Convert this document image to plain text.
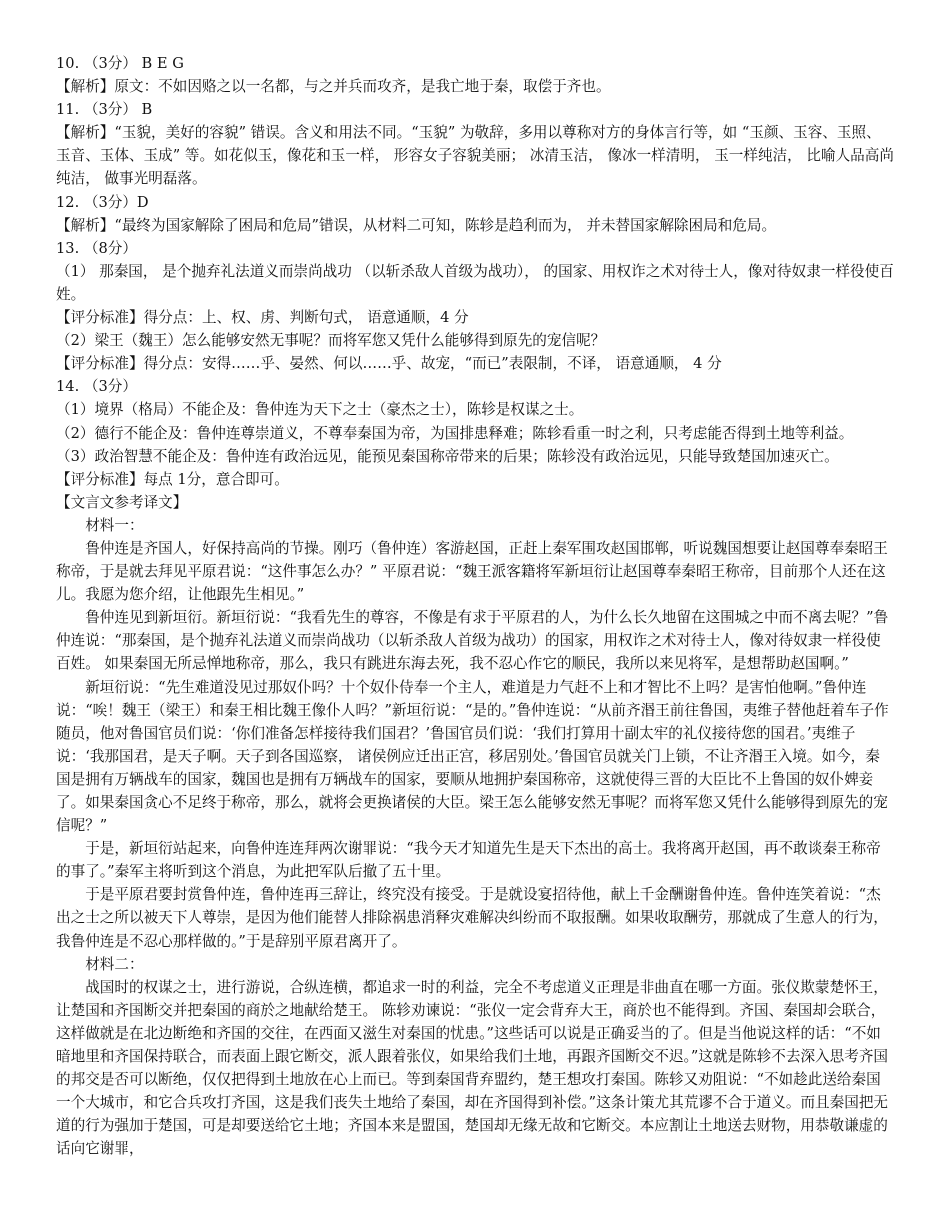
10. （3分） B E G

【解析】原文：不如因赂之以一名都，与之并兵而攻齐，是我亡地于秦，取偿于齐也。

11. （3分） B

【解析】“玉貌，美好的容貌” 错误。含义和用法不同。“玉貌” 为敬辞，多用以尊称对方的身体言行等，如 “玉颜、玉容、玉照、玉音、玉体、玉成” 等。如花似玉，像花和玉一样， 形容女子容貌美丽； 冰清玉洁， 像冰一样清明， 玉一样纯洁， 比喻人品高尚纯洁， 做事光明磊落。

12. （3分）D

【解析】“最终为国家解除了困局和危局”错误，从材料二可知，陈轸是趋利而为， 并未替国家解除困局和危局。

13. （8分）

（1） 那秦国， 是个抛弃礼法道义而崇尚战功 （以斩杀敌人首级为战功）， 的国家、用权诈之术对待士人，像对待奴隶一样役使百姓。

【评分标准】得分点：上、权、虏、判断句式， 语意通顺，4 分

（2）梁王（魏王）怎么能够安然无事呢？而将军您又凭什么能够得到原先的宠信呢？

【评分标准】得分点：安得……乎、晏然、何以……乎、故宠，“而已”表限制，不译， 语意通顺， 4 分

14. （3分）

（1）境界（格局）不能企及：鲁仲连为天下之士（豪杰之士），陈轸是权谋之士。

（2）德行不能企及：鲁仲连尊崇道义，不尊奉秦国为帝，为国排患释难；陈轸看重一时之利，只考虑能否得到土地等利益。

（3）政治智慧不能企及：鲁仲连有政治远见，能预见秦国称帝带来的后果；陈轸没有政治远见，只能导致楚国加速灭亡。

【评分标准】每点 1分，意合即可。

【文言文参考译文】

材料一：

鲁仲连是齐国人，好保持高尚的节操。刚巧（鲁仲连）客游赵国，正赶上秦军围攻赵国邯郸，听说魏国想要让赵国尊奉秦昭王称帝，于是就去拜见平原君说：“这件事怎么办？” 平原君说：“魏王派客籍将军新垣衍让赵国尊奉秦昭王称帝，目前那个人还在这儿。我愿为您介绍，让他跟先生相见。”

鲁仲连见到新垣衍。新垣衍说：“我看先生的尊容，不像是有求于平原君的人，为什么长久地留在这围城之中而不离去呢？”鲁仲连说：“那秦国，是个抛弃礼法道义而崇尚战功（以斩杀敌人首级为战功）的国家，用权诈之术对待士人，像对待奴隶一样役使百姓。 如果秦国无所忌惮地称帝，那么，我只有跳进东海去死，我不忍心作它的顺民，我所以来见将军，是想帮助赵国啊。”

新垣衍说：“先生难道没见过那奴仆吗？十个奴仆侍奉一个主人，难道是力气赶不上和才智比不上吗？是害怕他啊。”鲁仲连说：“唉！魏王（梁王）和秦王相比魏王像仆人吗？”新垣衍说：“是的。”鲁仲连说：“从前齐湣王前往鲁国，夷维子替他赶着车子作随员，他对鲁国官员们说：‘你们准备怎样接待我们国君？’鲁国官员们说：‘我们打算用十副太牢的礼仪接待您的国君。’夷维子说：‘我那国君，是天子啊。天子到各国巡察， 诸侯例应迁出正宫，移居别处。’鲁国官员就关门上锁，不让齐湣王入境。如今，秦国是拥有万辆战车的国家，魏国也是拥有万辆战车的国家，要顺从地拥护秦国称帝，这就使得三晋的大臣比不上鲁国的奴仆婢妾了。如果秦国贪心不足终于称帝，那么，就将会更换诸侯的大臣。梁王怎么能够安然无事呢？而将军您又凭什么能够得到原先的宠信呢？”

于是，新垣衍站起来，向鲁仲连连拜两次谢罪说：“我今天才知道先生是天下杰出的高士。我将离开赵国，再不敢谈秦王称帝的事了。”秦军主将听到这个消息，为此把军队后撤了五十里。

于是平原君要封赏鲁仲连，鲁仲连再三辞让，终究没有接受。于是就设宴招待他，献上千金酬谢鲁仲连。鲁仲连笑着说：“杰出之士之所以被天下人尊崇，是因为他们能替人排除祸患消释灾难解决纠纷而不取报酬。如果收取酬劳，那就成了生意人的行为，我鲁仲连是不忍心那样做的。”于是辞别平原君离开了。

材料二：

战国时的权谋之士，进行游说，合纵连横，都追求一时的利益，完全不考虑道义正理是非曲直在哪一方面。张仪欺蒙楚怀王，让楚国和齐国断交并把秦国的商於之地献给楚王。 陈轸劝谏说：“张仪一定会背弃大王，商於也不能得到。齐国、秦国却会联合，这样做就是在北边断绝和齐国的交往，在西面又滋生对秦国的忧患。”这些话可以说是正确妥当的了。但是当他说这样的话：“不如暗地里和齐国保持联合，而表面上跟它断交，派人跟着张仪，如果给我们土地，再跟齐国断交不迟。”这就是陈轸不去深入思考齐国的邦交是否可以断绝，仅仅把得到土地放在心上而已。等到秦国背弃盟约，楚王想攻打秦国。陈轸又劝阻说：“不如趁此送给秦国一个大城市，和它合兵攻打齐国，这是我们丧失土地给了秦国，却在齐国得到补偿。”这条计策尤其荒谬不合于道义。而且秦国把无道的行为强加于楚国，可是却要送给它土地；齐国本来是盟国，楚国却无缘无故和它断交。本应割让土地送去财物，用恭敬谦虚的话向它谢罪，
